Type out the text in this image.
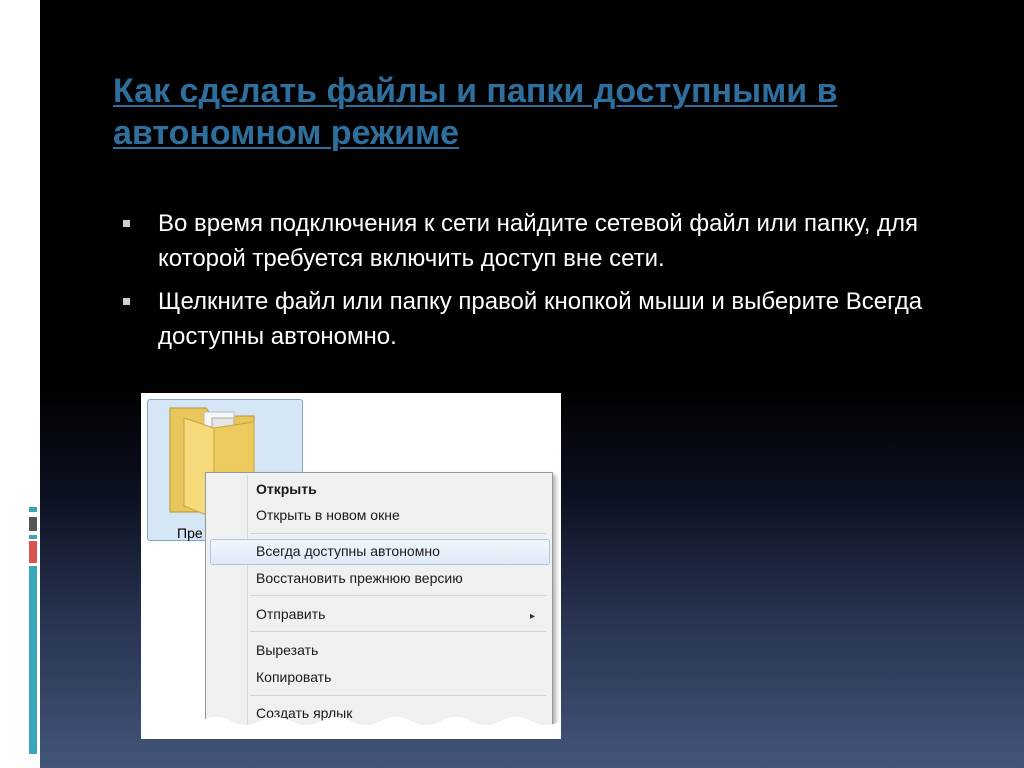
Как сделать файлы и папки доступными в автономном режиме
Во время подключения к сети найдите сетевой файл или папку, для которой требуется включить доступ вне сети.
Щелкните файл или папку правой кнопкой мыши и выберите Всегда доступны автономно.
Пре
Открыть
Открыть в новом окне
Всегда доступны автономно
Восстановить прежнюю версию
Отправить	▸
Вырезать
Копировать
Создать ярлык
